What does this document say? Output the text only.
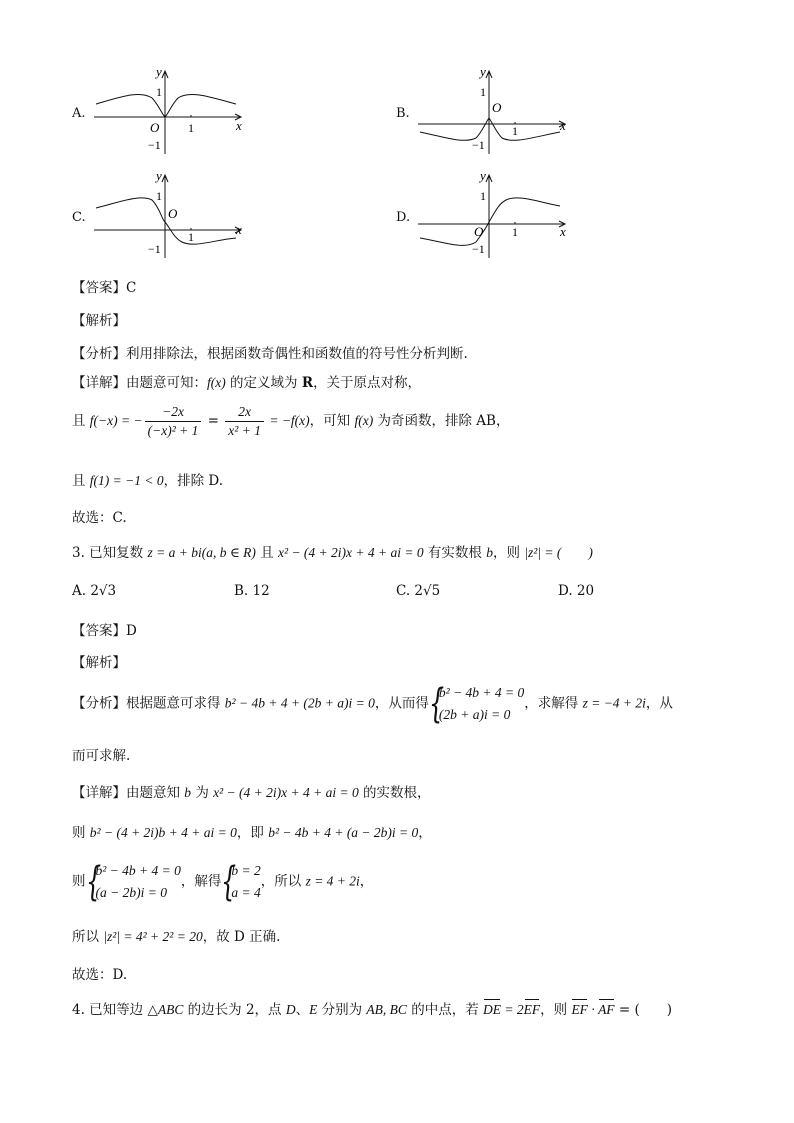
A.
y
x
O
1
−1
1
B.
y
x
O
1
−1
1
C.
y
x
O
1
−1
1
D.
y
x
O
1
−1
1
【答案】C
【解析】
【分析】利用排除法，根据函数奇偶性和函数值的符号性分析判断.
【详解】由题意可知：f(x) 的定义域为 R，关于原点对称，
且 f(−x) = − $\frac{-2x}{\text{(−x)² + 1}} = \frac{2x}{\text{x² + 1}} = -f(x)$，可知 f(x) 为奇函数，排除 AB，
且 f(1) = −1 < 0，排除 D.
故选：C.
3. 已知复数 z = a + bi(a, b ∈ R) 且 x² − (4 + 2i)x + 4 + ai = 0 有实数根 b，则 |z²| = (　　)
A. 2√3	B. 12	C. 2√5	D. 20
【答案】D
【解析】
【分析】根据题意可求得 b² − 4b + 4 + (2b + a)i = 0，从而得 {
b² − 4b + 4 = 0
(2b + a)i = 0
，求解得 z = −4 + 2i，从
而可求解.
【详解】由题意知 b 为 x² − (4 + 2i)x + 4 + ai = 0 的实数根，
则 b² − (4 + 2i)b + 4 + ai = 0，即 b² − 4b + 4 + (a − 2b)i = 0，
则 {
b² − 4b + 4 = 0
(a − 2b)i = 0
，解得 {
b = 2
a = 4
，所以 z = 4 + 2i，
所以 |z²| = 4² + 2² = 20，故 D 正确.
故选：D.
4. 已知等边 △ABC 的边长为 2，点 D、E 分别为 AB, BC 的中点，若 DE = 2EF，则 EF · AF = (　　)
